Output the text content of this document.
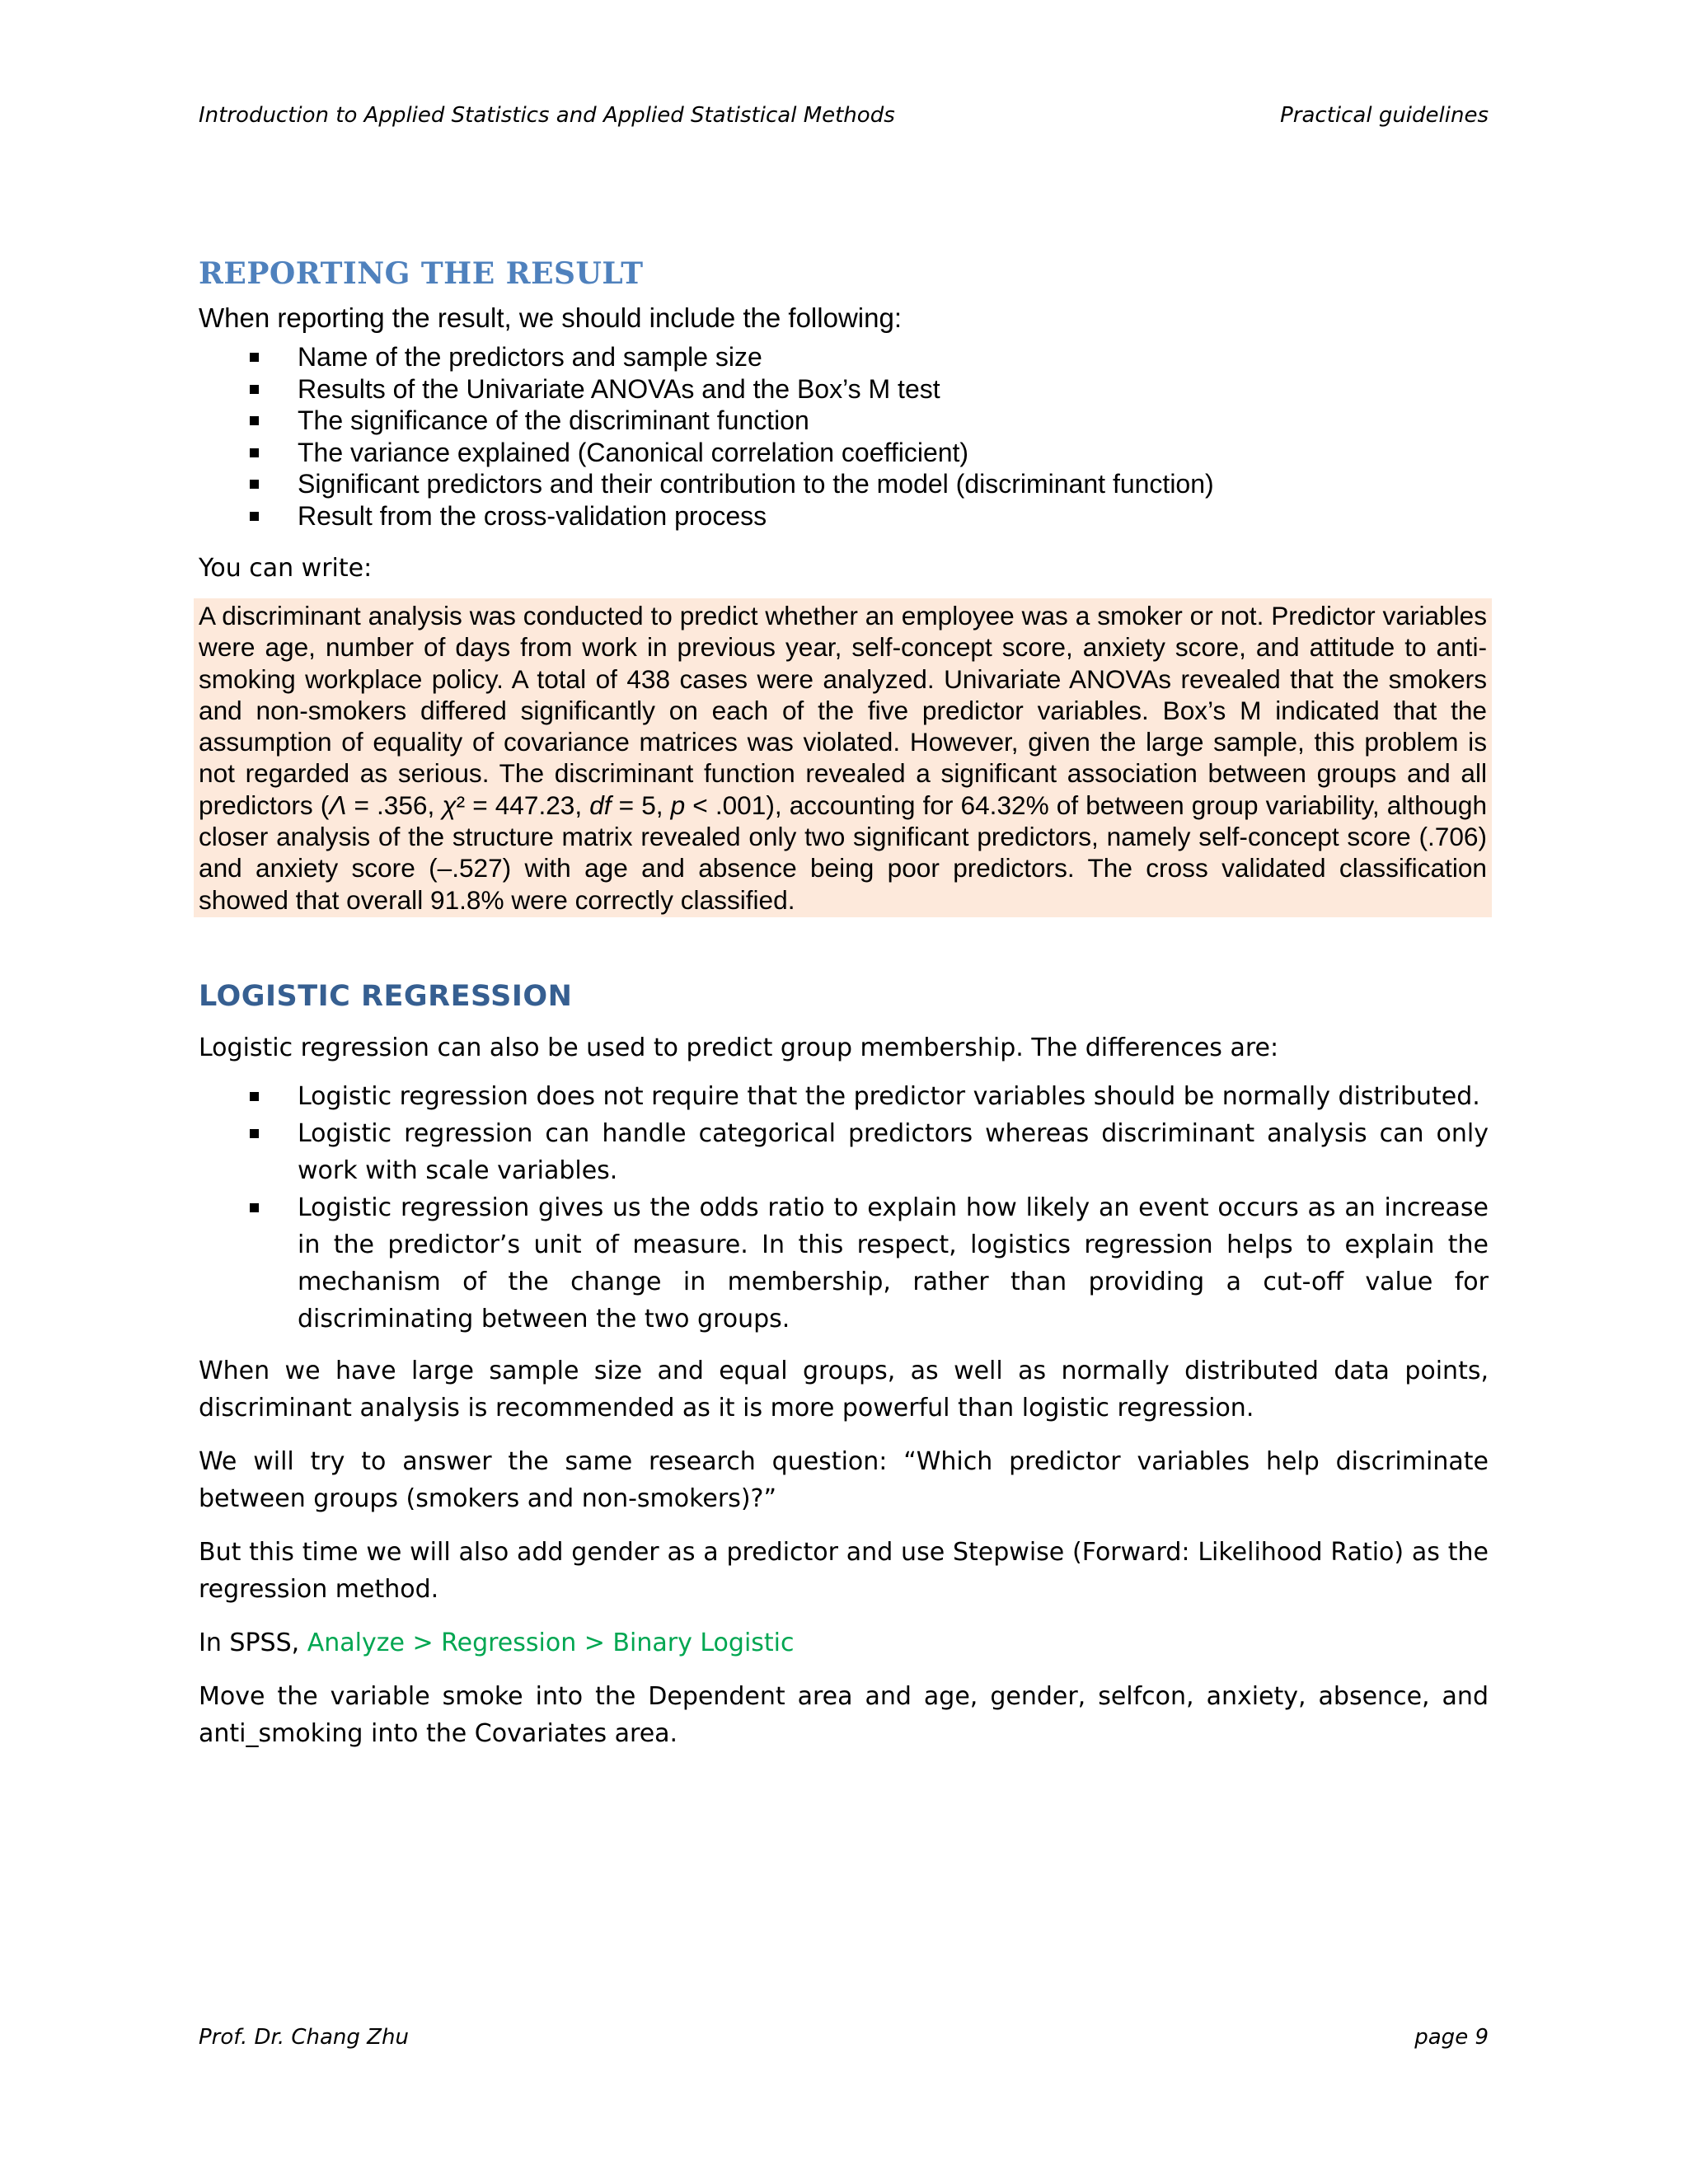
Introduction to Applied Statistics and Applied Statistical Methods	Practical guidelines
REPORTING THE RESULT

When reporting the result, we should include the following:

Name of the predictors and sample size
Results of the Univariate ANOVAs and the Box’s M test
The significance of the discriminant function
The variance explained (Canonical correlation coefficient)
Significant predictors and their contribution to the model (discriminant function)
Result from the cross-validation process

You can write:

A discriminant analysis was conducted to predict whether an employee was a smoker or not. Predictor variables were age, number of days from work in previous year, self-concept score, anxiety score, and attitude to anti-smoking workplace policy. A total of 438 cases were analyzed. Univariate ANOVAs revealed that the smokers and non-smokers differed significantly on each of the five predictor variables. Box’s M indicated that the assumption of equality of covariance matrices was violated. However, given the large sample, this problem is not regarded as serious. The discriminant function revealed a significant association between groups and all predictors (Λ = .356, χ² = 447.23, df = 5, p < .001), accounting for 64.32% of between group variability, although closer analysis of the structure matrix revealed only two significant predictors, namely self-concept score (.706) and anxiety score (–.527) with age and absence being poor predictors. The cross validated classification showed that overall 91.8% were correctly classified.
LOGISTIC REGRESSION

Logistic regression can also be used to predict group membership. The differences are:

Logistic regression does not require that the predictor variables should be normally distributed.
Logistic regression can handle categorical predictors whereas discriminant analysis can only work with scale variables.
Logistic regression gives us the odds ratio to explain how likely an event occurs as an increase in the predictor’s unit of measure. In this respect, logistics regression helps to explain the mechanism of the change in membership, rather than providing a cut-off value for discriminating between the two groups.

When we have large sample size and equal groups, as well as normally distributed data points, discriminant analysis is recommended as it is more powerful than logistic regression.

We will try to answer the same research question: “Which predictor variables help discriminate between groups (smokers and non-smokers)?”

But this time we will also add gender as a predictor and use Stepwise (Forward: Likelihood Ratio) as the regression method.

In SPSS, Analyze > Regression > Binary Logistic

Move the variable smoke into the Dependent area and age, gender, selfcon, anxiety, absence, and anti_smoking into the Covariates area.

Prof. Dr. Chang Zhu	page 9
